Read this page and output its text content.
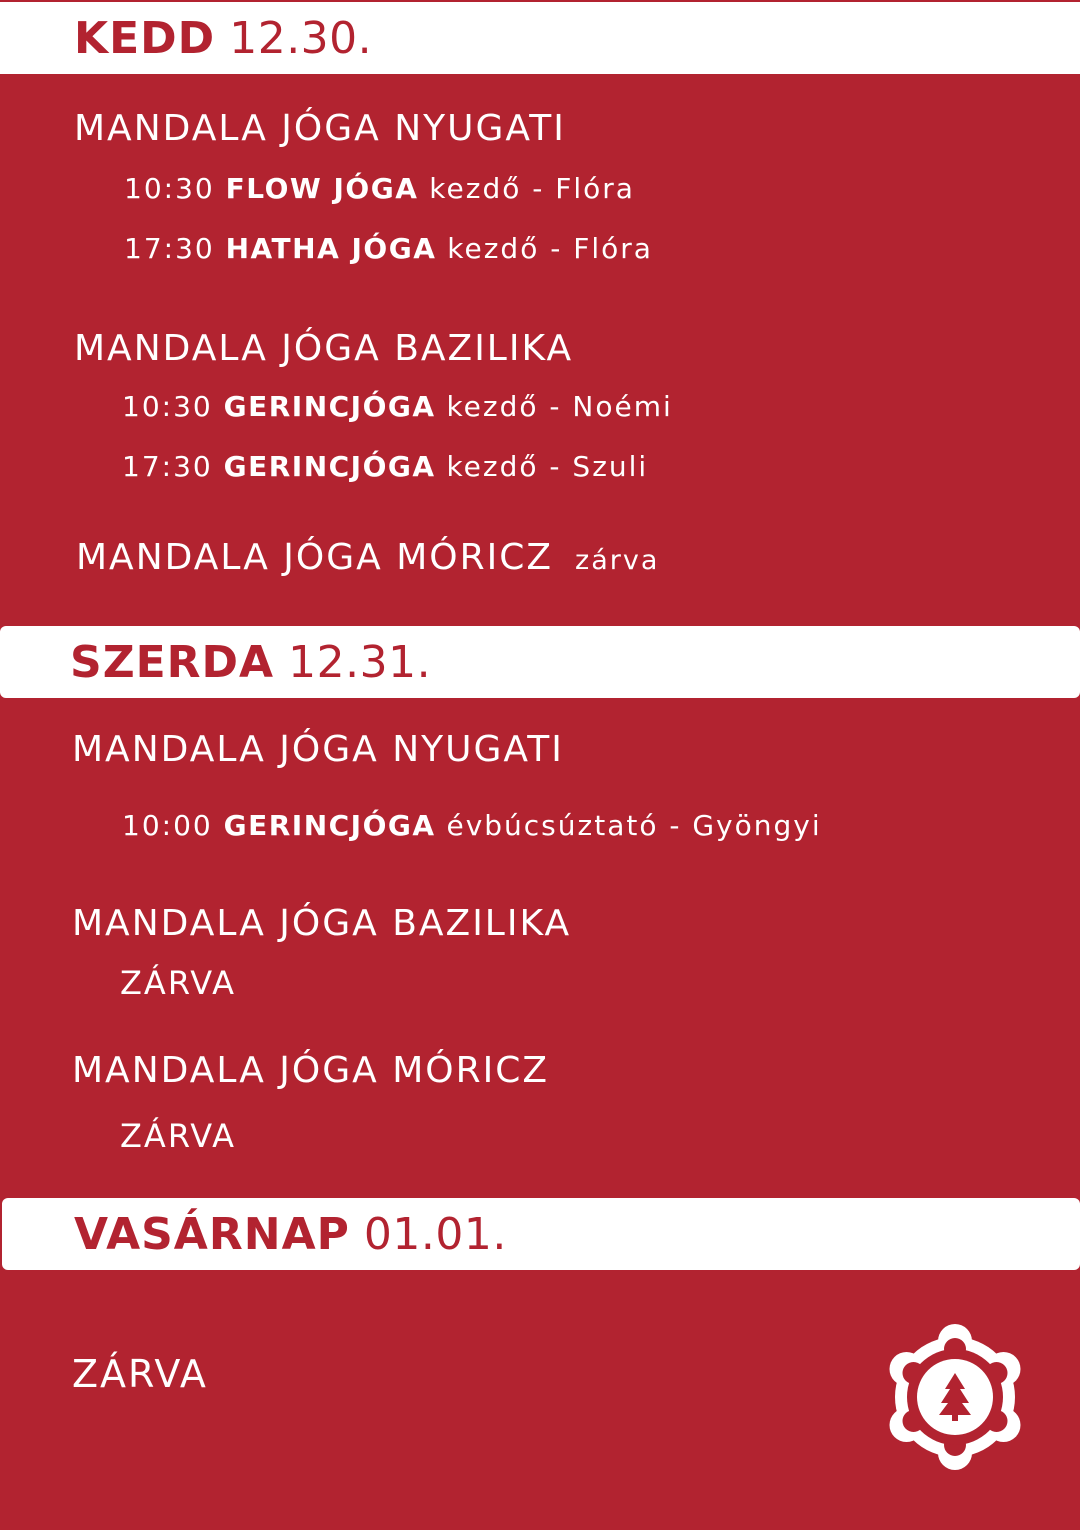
KEDD 12.30.
MANDALA JÓGA NYUGATI
10:30 FLOW JÓGA kezdő - Flóra
17:30 HATHA JÓGA kezdő - Flóra
MANDALA JÓGA BAZILIKA
10:30 GERINCJÓGA kezdő - Noémi
17:30 GERINCJÓGA kezdő - Szuli
MANDALA JÓGA MÓRICZ zárva
SZERDA 12.31.
MANDALA JÓGA NYUGATI
10:00 GERINCJÓGA évbúcsúztató - Gyöngyi
MANDALA JÓGA BAZILIKA
ZÁRVA
MANDALA JÓGA MÓRICZ
ZÁRVA
VASÁRNAP 01.01.
ZÁRVA
